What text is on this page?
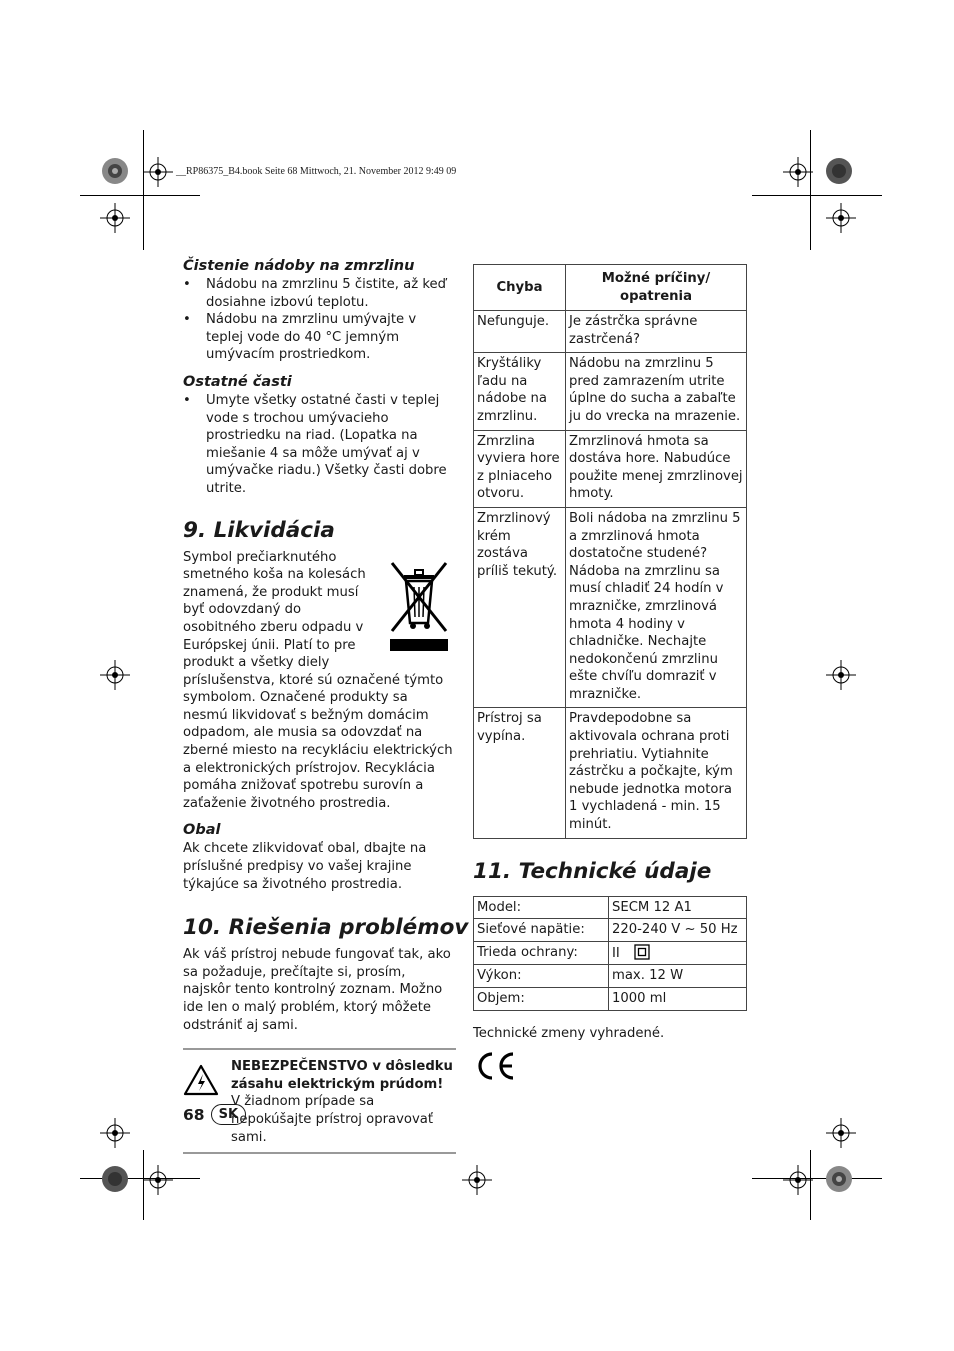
__RP86375_B4.book Seite 68 Mittwoch, 21. November 2012 9:49 09
Čistenie nádoby na zmrzlinu
• Nádobu na zmrzlinu 5 čistite, až keď dosiahne izbovú teplotu.
• Nádobu na zmrzlinu umývajte v teplej vode do 40 °C jemným umývacím prostriedkom.
Ostatné časti
• Umyte všetky ostatné časti v teplej vode s trochou umývacieho prostriedku na riad. (Lopatka na miešanie 4 sa môže umývať aj v umývačke riadu.) Všetky časti dobre utrite.
9. Likvidácia

Symbol prečiarknutého smetného koša na kolesách znamená, že produkt musí byť odovzdaný do osobitného zberu odpadu v Európskej únii. Platí to pre produkt a všetky diely príslušenstva, ktoré sú označené týmto symbolom. Označené produkty sa nesmú likvidovať s bežným domácim odpadom, ale musia sa odovzdať na zberné miesto na recykláciu elektrických a elektronických prístrojov. Recyklácia pomáha znižovať spotrebu surovín a zaťaženie životného prostredia.

Obal

Ak chcete zlikvidovať obal, dbajte na príslušné predpisy vo vašej krajine týkajúce sa životného prostredia.

10. Riešenia problémov

Ak váš prístroj nebude fungovať tak, ako sa požaduje, prečítajte si, prosím, najskôr tento kontrolný zoznam. Možno ide len o malý problém, ktorý môžete odstrániť aj sami.

NEBEZPEČENSTVO v dôsledku zásahu elektrickým prúdom!
V žiadnom prípade sa nepokúšajte prístroj opravovať sami.
Chyba	Možné príčiny/ opatrenia
Nefunguje.	Je zástrčka správne zastrčená?
Kryštáliky ľadu na nádobe na zmrzlinu.	Nádobu na zmrzlinu 5 pred zamrazením utrite úplne do sucha a zabaľte ju do vrecka na mrazenie.
Zmrzlina vyviera hore z plniaceho otvoru.	Zmrzlinová hmota sa dostáva hore. Nabudúce použite menej zmrzlinovej hmoty.
Zmrzlinový krém zostáva príliš tekutý.	Boli nádoba na zmrzlinu 5 a zmrzlinová hmota dostatočne studené? Nádoba na zmrzlinu sa musí chladiť 24 hodín v mrazničke, zmrzlinová hmota 4 hodiny v chladničke. Nechajte nedokončenú zmrzlinu ešte chvíľu domraziť v mrazničke.
Prístroj sa vypína.	Pravdepodobne sa aktivovala ochrana proti prehriatiu. Vytiahnite zástrčku a počkajte, kým nebude jednotka motora 1 vychladená - min. 15 minút.
11. Technické údaje
Model:	SECM 12 A1
Sieťové napätie:	220-240 V ~ 50 Hz
Trieda ochrany:	II
Výkon:	max. 12 W
Objem:	1000 ml

Technické zmeny vyhradené.

68	SK
